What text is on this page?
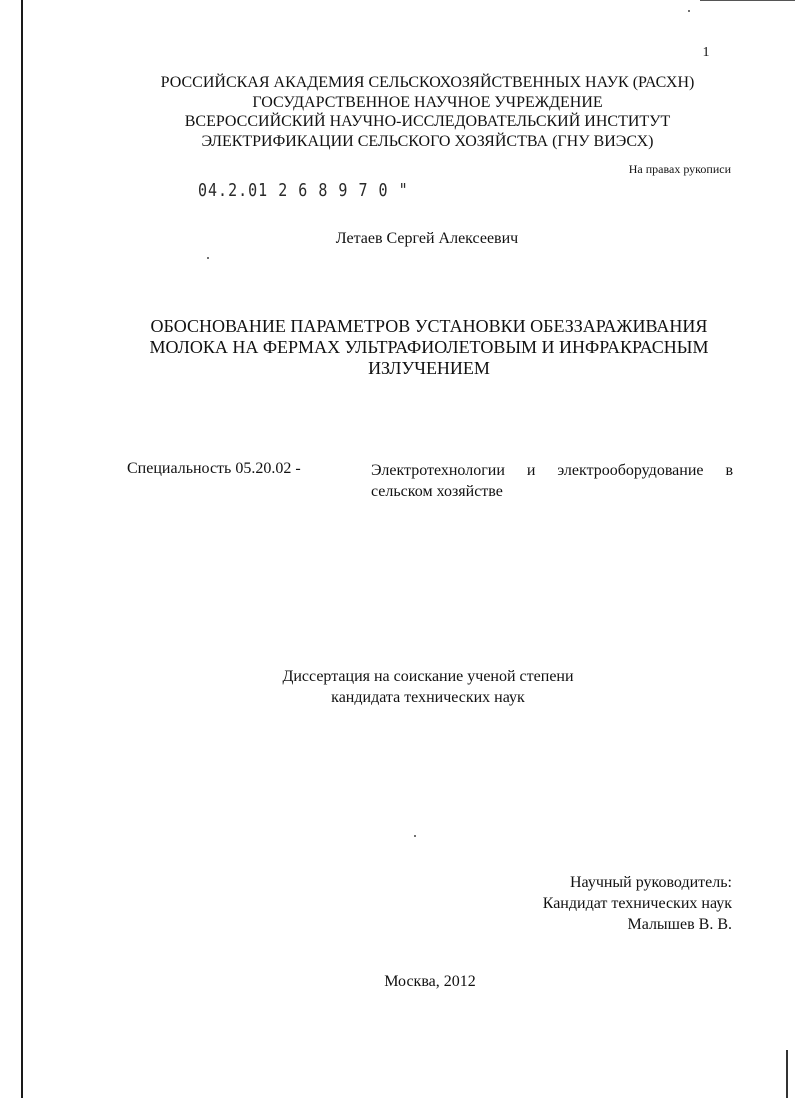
1
РОССИЙСКАЯ АКАДЕМИЯ СЕЛЬСКОХОЗЯЙСТВЕННЫХ НАУК (РАСХН)
ГОСУДАРСТВЕННОЕ НАУЧНОЕ УЧРЕЖДЕНИЕ
ВСЕРОССИЙСКИЙ НАУЧНО-ИССЛЕДОВАТЕЛЬСКИЙ ИНСТИТУТ
ЭЛЕКТРИФИКАЦИИ СЕЛЬСКОГО ХОЗЯЙСТВА (ГНУ ВИЭСХ)
На правах рукописи
04.2.01 2 6 8 9 7 0 "
Летаев Сергей Алексеевич
ОБОСНОВАНИЕ ПАРАМЕТРОВ УСТАНОВКИ ОБЕЗЗАРАЖИВАНИЯ
МОЛОКА НА ФЕРМАХ УЛЬТРАФИОЛЕТОВЫМ И ИНФРАКРАСНЫМ
ИЗЛУЧЕНИЕМ
Специальность 05.20.02 -	Электротехнологии и электрооборудование в
сельском хозяйстве
Диссертация на соискание ученой степени
кандидата технических наук
Научный руководитель:
Кандидат технических наук
Малышев В. В.
Москва, 2012
